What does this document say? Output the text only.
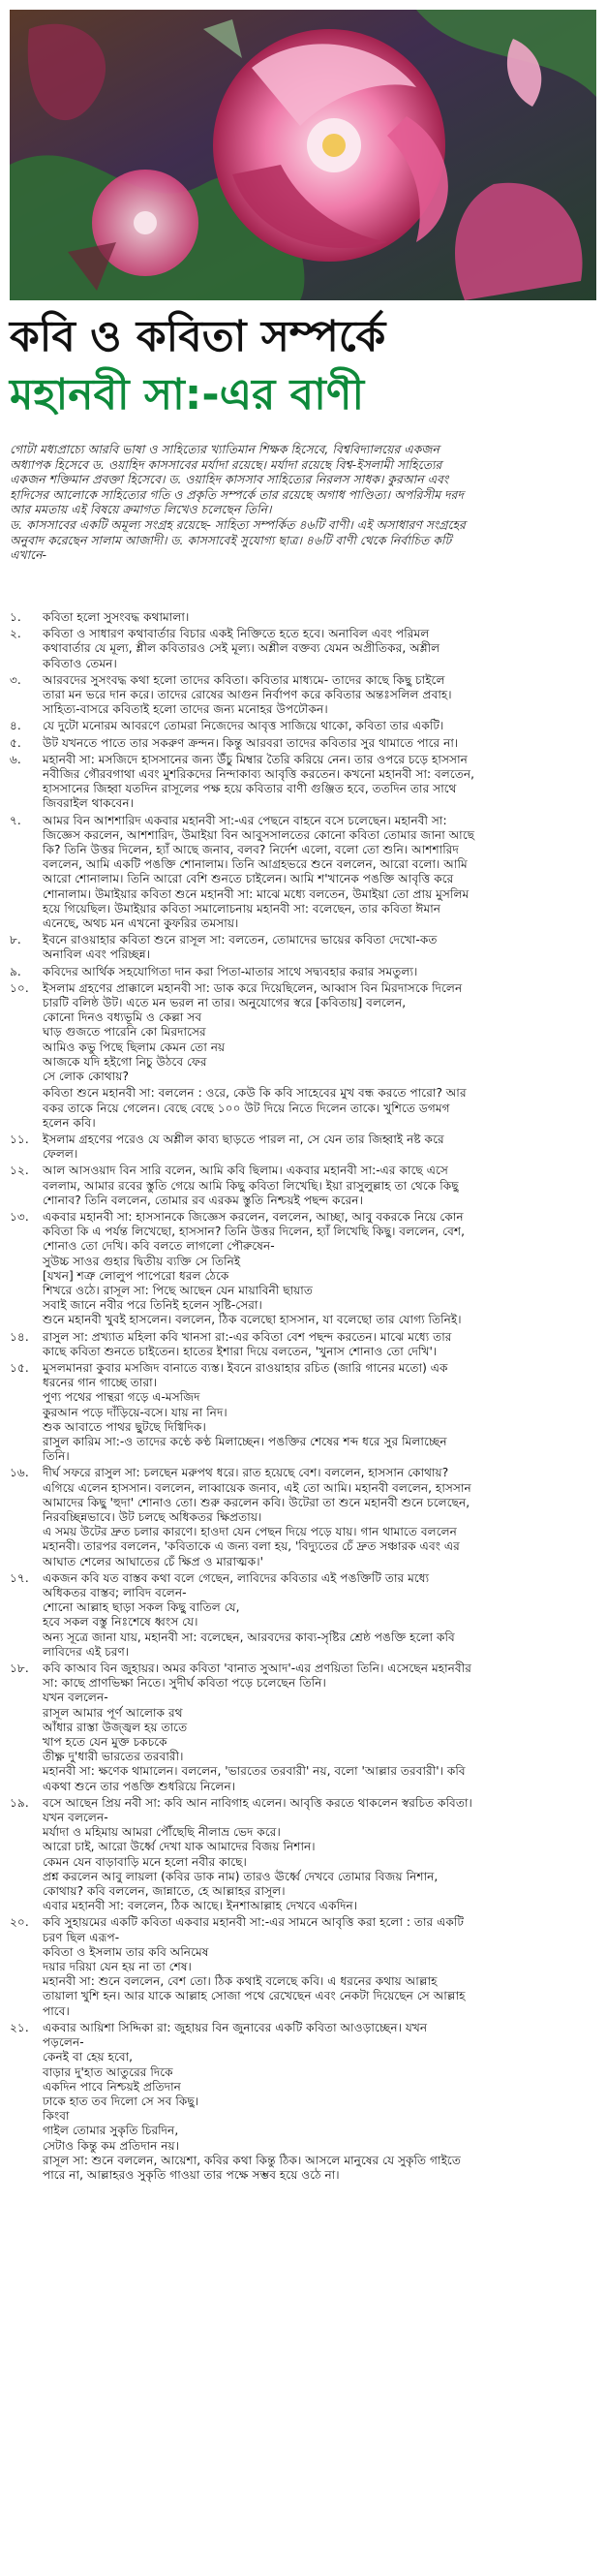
কবি ও কবিতা সম্পর্কে
মহানবী সা:-এর বাণী
গোটা মধ্যপ্রাচ্যে আরবি ভাষা ও সাহিত্যের খ্যাতিমান শিক্ষক হিসেবে, বিশ্ববিদ্যালয়ের একজন
অধ্যাপক হিসেবে ড. ওয়াহিদ কাসসাবের মর্যাদা রয়েছে। মর্যাদা রয়েছে বিশ্ব-ইসলামী সাহিত্যের
একজন শক্তিমান প্রবক্তা হিসেবে। ড. ওয়াহিদ কাসসাব সাহিত্যের নিরলস সাধক। কুরআন এবং
হাদিসের আলোকে সাহিত্যের গতি ও প্রকৃতি সম্পর্কে তার রয়েছে অগাধ পাণ্ডিত্য। অপরিসীম দরদ
আর মমতায় এই বিষয়ে ক্রমাগত লিখেও চলেছেন তিনি।
ড. কাসসাবের একটি অমূল্য সংগ্রহ রয়েছে- সাহিত্য সম্পর্কিত ৪৬টি বাণী। এই অসাধারণ সংগ্রহের
অনুবাদ করেছেন সালাম আজাদী। ড. কাসসাবেই সুযোগ্য ছাত্র। ৪৬টি বাণী থেকে নির্বাচিত কটি
এখানে-
১.	কবিতা হলো সুসংবদ্ধ কথামালা।
২.	কবিতা ও সাধারণ কথাবার্তার বিচার একই নিক্তিতে হতে হবে। অনাবিল এবং পরিমল
কথাবার্তার যে মূল্য, শ্লীল কবিতারও সেই মূল্য। অশ্লীল বক্তব্য যেমন অপ্রীতিকর, অশ্লীল
কবিতাও তেমন।
৩.	আরবদের সুসংবদ্ধ কথা হলো তাদের কবিতা। কবিতার মাধ্যমে- তাদের কাছে কিছু চাইলে
তারা মন ভরে দান করে। তাদের রোষের আগুন নির্বাপণ করে কবিতার অন্তঃসলিল প্রবাহ।
সাহিত্য-বাসরে কবিতাই হলো তাদের জন্য মনোহর উপঢৌকন।
৪.	যে দুটো মনোরম আবরণে তোমরা নিজেদের আবৃত্ত সাজিয়ে থাকো, কবিতা তার একটি।
৫.	উট যখনতে পাতে তার সকরুণ ক্রন্দন। কিন্তু আরবরা তাদের কবিতার সুর থামাতে পারে না।
৬.	মহানবী সা: মসজিদে হাসসানের জন্য উঁচু মিম্বার তৈরি করিয়ে নেন। তার ওপরে চড়ে হাসসান
নবীজির গৌরবগাথা এবং মুশরিকদের নিন্দাকাব্য আবৃত্তি করতেন। কখনো মহানবী সা: বলতেন,
হাসসানের জিহ্বা যতদিন রাসূলের পক্ষ হয়ে কবিতার বাণী গুঞ্জিত হবে, ততদিন তার সাথে
জিবরাইল থাকবেন।
৭.	আমর বিন আশশারিদ একবার মহানবী সা:-এর পেছনে বাহনে বসে চলেছেন। মহানবী সা:
জিজ্ঞেস করলেন, আশশারিদ, উমাইয়া বিন আবুসসালতের কোনো কবিতা তোমার জানা আছে
কি? তিনি উত্তর দিলেন, হ্যাঁ আছে জনাব, বলব? নির্দেশ এলো, বলো তো শুনি। আশশারিদ
বললেন, আমি একটি পঙক্তি শোনালাম। তিনি আগ্রহভরে শুনে বললেন, আরো বলো। আমি
আরো শোনালাম। তিনি আরো বেশি শুনতে চাইলেন। আমি শ'খানেক পঙক্তি আবৃত্তি করে
শোনালাম। উমাইয়ার কবিতা শুনে মহানবী সা: মাঝে মধ্যে বলতেন, উমাইয়া তো প্রায় মুসলিম
হয়ে গিয়েছিল। উমাইয়ার কবিতা সমালোচনায় মহানবী সা: বলেছেন, তার কবিতা ঈমান
এনেছে, অথচ মন এখনো কুফরির তমসায়।
৮.	ইবনে রাওয়াহার কবিতা শুনে রাসূল সা: বলতেন, তোমাদের ভায়ের কবিতা দেখো-কত
অনাবিল এবং পরিচ্ছন্ন।
৯.	কবিদের আর্থিক সহযোগিতা দান করা পিতা-মাতার সাথে সদ্ব্যবহার করার সমতুল্য।
১০.	ইসলাম গ্রহণের প্রাক্কালে মহানবী সা: ডাক করে দিয়েছিলেন, আব্বাস বিন মিরদাসকে দিলেন
চারটি বলিষ্ঠ উট। এতে মন ভরল না তার। অনুযোগের স্বরে [কবিতায়] বললেন,
কোনো দিনও বধ্যভূমি ও কেল্লা সব
ঘাড় গুজতে পারেনি কো মিরদাসের
আমিও কভু পিছে ছিলাম কেমন তো নয়
আজকে যদি হইগো নিচু উঠবে ফের
সে লোক কোথায়?
কবিতা শুনে মহানবী সা: বললেন : ওরে, কেউ কি কবি সাহেবের মুখ বন্ধ করতে পারো? আর
বকর তাকে নিয়ে গেলেন। বেছে বেছে ১০০ উট দিয়ে নিতে দিলেন তাকে। খুশিতে ডগমগ
হলেন কবি।
১১.	ইসলাম গ্রহণের পরেও যে অশ্লীল কাব্য ছাড়তে পারল না, সে যেন তার জিহ্বাই নষ্ট করে
ফেলল।
১২.	আল আসওয়াদ বিন সারি বলেন, আমি কবি ছিলাম। একবার মহানবী সা:-এর কাছে এসে
বললাম, আমার রবের স্তুতি গেয়ে আমি কিছু কবিতা লিখেছি। ইয়া রাসুলুল্লাহ তা থেকে কিছু
শোনাব? তিনি বললেন, তোমার রব এরকম স্তুতি নিশ্চয়ই পছন্দ করেন।
১৩.	একবার মহানবী সা: হাসসানকে জিজ্ঞেস করলেন, বললেন, আচ্ছা, আবু বকরকে নিয়ে কোন
কবিতা কি এ পর্যন্ত লিখেছো, হাসসান? তিনি উত্তর দিলেন, হ্যাঁ লিখেছি কিছু। বললেন, বেশ,
শোনাও তো দেখি। কবি বলতে লাগলো পৌরুষেন-
সুউচ্চ সাওর গুহার দ্বিতীয় ব্যক্তি সে তিনিই
[যখন] শত্রু লোলুপ পাপেরো ধরল ঠেকে
শিখরে ওঠে। রাসূল সা: পিছে আছেন যেন মায়াবিনী ছায়াত
সবাই জানে নবীর পরে তিনিই হলেন সৃষ্টি-সেরা।
শুনে মহানবী খুবই হাসলেন। বললেন, ঠিক বলেছো হাসসান, যা বলেছো তার যোগ্য তিনিই।
১৪.	রাসুল সা: প্রখ্যাত মহিলা কবি খানসা রা:-এর কবিতা বেশ পছন্দ করতেন। মাঝে মধ্যে তার
কাছে কবিতা শুনতে চাইতেন। হাতের ইশারা দিয়ে বলতেন, 'খুনাস শোনাও তো দেখি'।
১৫.	মুসলমানরা কুবার মসজিদ বানাতে ব্যস্ত। ইবনে রাওয়াহার রচিত (জারি গানের মতো) এক
ধরনের গান গাচ্ছে তারা।
পুণ্য পথের পান্থরা গড়ে এ-মসজিদ
কুরআন পড়ে দাঁড়িয়ে-বসে। যায় না নিদ।
শুক আবাতে পাথর ছুটছে দিগ্বিদিক।
রাসুল কারিম সা:-ও তাদের কণ্ঠে কণ্ঠ মিলাচ্ছেন। পঙক্তির শেষের শব্দ ধরে সুর মিলাচ্ছেন
তিনি।
১৬.	দীর্ঘ সফরে রাসুল সা: চলছেন মরুপথ ধরে। রাত হয়েছে বেশ। বললেন, হাসসান কোথায়?
এগিয়ে এলেন হাসসান। বললেন, লাব্বায়েক জনাব, এই তো আমি। মহানবী বললেন, হাসসান
আমাদের কিছু 'হুদা' শোনাও তো। শুরু করলেন কবি। উটেরা তা শুনে মহানবী শুনে চলেছেন,
নিরবচ্ছিন্নভাবে। উট চলছে অধিকতর ক্ষিপ্রতায়।
এ সময় উটের দ্রুত চলার কারণে। হাওদা যেন পেছন দিয়ে পড়ে যায়। গান থামাতে বললেন
মহানবী। তারপর বললেন, 'কবিতাকে এ জন্য বলা হয়, 'বিদ্যুতের চেঁ দ্রুত সঞ্চারক এবং এর
আঘাত শেলের আঘাতের চেঁ ক্ষিপ্র ও মারাত্মক।'
১৭.	একজন কবি যত বাস্তব কথা বলে গেছেন, লাবিদের কবিতার এই পঙক্তিটি তার মধ্যে
অধিকতর বাস্তব; লাবিদ বলেন-
শোনো আল্লাহ ছাড়া সকল কিছু বাতিল যে,
হবে সকল বস্তু নিঃশেষে ধ্বংস যে।
অন্য সূত্রে জানা যায়, মহানবী সা: বলেছেন, আরবদের কাব্য-সৃষ্টির শ্রেষ্ঠ পঙক্তি হলো কবি
লাবিদের এই চরণ।
১৮.	কবি কাআব বিন জুহায়র। অমর কবিতা 'বানাত সুআদ'-এর প্রণয়িতা তিনি। এসেছেন মহানবীর
সা: কাছে প্রাণভিক্ষা নিতে। সুদীর্ঘ কবিতা পড়ে চলেছেন তিনি।
যখন বললেন-
রাসূল আমার পূর্ণ আলোক রথ
আঁধার রাস্তা উজ্জ্বল হয় তাতে
খাপ হতে যেন মুক্ত চকচকে
তীক্ষ্ণ দু'ধারী ভারতের তরবারী।
মহানবী সা: ক্ষণেক থামালেন। বললেন, 'ভারতের তরবারী' নয়, বলো 'আল্লার তরবারী'। কবি
একথা শুনে তার পঙক্তি শুধরিয়ে নিলেন।
১৯.	বসে আছেন প্রিয় নবী সা: কবি আন নাবিগাহ এলেন। আবৃত্তি করতে থাকলেন স্বরচিত কবিতা।
যখন বললেন-
মর্যাদা ও মহিমায় আমরা পৌঁছেছি নীলাভ্র ভেদ করে।
আরো চাই, আরো উর্ধ্বে দেখা যাক আমাদের বিজয় নিশান।
কেমন যেন বাড়াবাড়ি মনে হলো নবীর কাছে।
প্রশ্ন করলেন আবু লায়লা (কবির ডাক নাম) তারও ঊর্ধ্বে দেখবে তোমার বিজয় নিশান,
কোথায়? কবি বললেন, জান্নাতে, হে আল্লাহর রাসূল।
এবার মহানবী সা: বললেন, ঠিক আছে। ইনশাআল্লাহ দেখবে একদিন।
২০.	কবি সুহায়মের একটি কবিতা একবার মহানবী সা:-এর সামনে আবৃত্তি করা হলো : তার একটি
চরণ ছিল এরূপ-
কবিতা ও ইসলাম তার কবি অনিমেষ
দয়ার দরিয়া যেন হয় না তা শেষ।
মহানবী সা: শুনে বললেন, বেশ তো। ঠিক কথাই বলেছে কবি। এ ধরনের কথায় আল্লাহ
তায়ালা খুশি হন। আর যাকে আল্লাহ সোজা পথে রেখেছেন এবং নেকটা দিয়েছেন সে আল্লাহ
পাবে।
২১.	একবার আয়িশা সিদ্দিকা রা: জুহায়র বিন জুনাবের একটি কবিতা আওড়াচ্ছেন। যখন
পড়লেন-
কেনই বা হেয় হবো,
বাড়ার দু'হাত আতুরের দিকে
একদিন পাবে নিশ্চয়ই প্রতিদান
ঢাকে হাত তব দিলো সে সব কিছু।
কিংবা
গাইল তোমার সুকৃতি চিরদিন,
সেটাও কিন্তু কম প্রতিদান নয়।
রাসূল সা: শুনে বললেন, আয়েশা, কবির কথা কিন্তু ঠিক। আসলে মানুষের যে সুকৃতি গাইতে
পারে না, আল্লাহরও সুকৃতি গাওয়া তার পক্ষে সম্ভব হয়ে ওঠে না।
